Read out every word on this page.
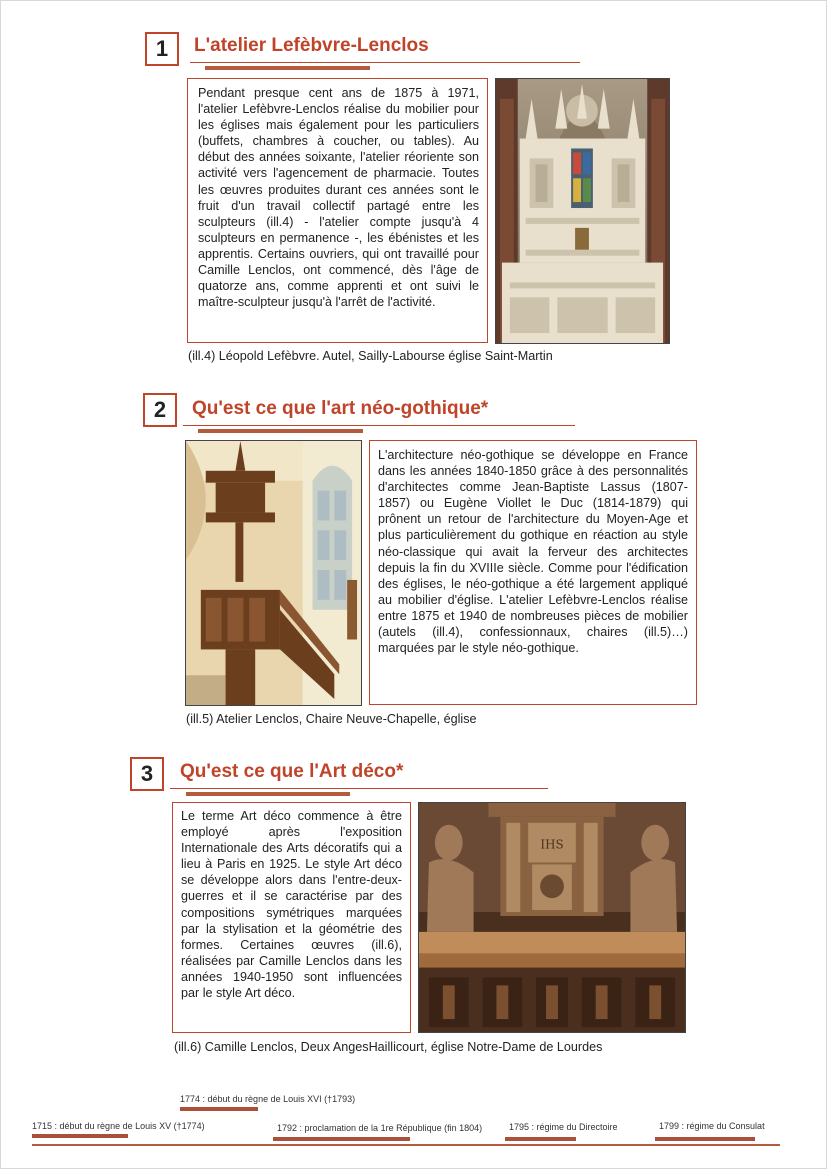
1	L'atelier Lefèbvre-Lenclos

Pendant presque cent ans de 1875 à 1971, l'atelier Lefèbvre-Lenclos réalise du mobilier pour les églises mais également pour les particuliers (buffets, chambres à coucher, ou tables). Au début des années soixante, l'atelier réoriente son activité vers l'agencement de pharmacie. Toutes les œuvres produites durant ces années sont le fruit d'un travail collectif partagé entre les sculpteurs (ill.4) - l'atelier compte jusqu'à 4 sculpteurs en permanence -, les ébénistes et les apprentis. Certains ouvriers, qui ont travaillé pour Camille Lenclos, ont commencé, dès l'âge de quatorze ans, comme apprenti et ont suivi le maître-sculpteur jusqu'à l'arrêt de l'activité.

(ill.4) Léopold Lefèbvre. Autel, Sailly-Labourse église Saint-Martin
2	Qu'est ce que l'art néo-gothique*

L'architecture néo-gothique se développe en France dans les années 1840-1850 grâce à des personnalités d'architectes comme Jean-Baptiste Lassus (1807-1857) ou Eugène Viollet le Duc (1814-1879) qui prônent un retour de l'architecture du Moyen-Age et plus particulièrement du gothique en réaction au style néo-classique qui avait la ferveur des architectes depuis la fin du XVIIIe siècle. Comme pour l'édification des églises, le néo-gothique a été largement appliqué au mobilier d'église. L'atelier Lefèbvre-Lenclos réalise entre 1875 et 1940 de nombreuses pièces de mobilier (autels (ill.4), confessionnaux, chaires (ill.5)…) marquées par le style néo-gothique.

(ill.5) Atelier Lenclos, Chaire Neuve-Chapelle, église
3	Qu'est ce que l'Art déco*

Le terme Art déco commence à être employé après l'exposition Internationale des Arts décoratifs qui a lieu à Paris en 1925. Le style Art déco se développe alors dans l'entre-deux-guerres et il se caractérise par des compositions symétriques marquées par la stylisation et la géométrie des formes. Certaines œuvres (ill.6), réalisées par Camille Lenclos dans les années 1940-1950 sont influencées par le style Art déco.

IHS
(ill.6) Camille Lenclos, Deux AngesHaillicourt, église Notre-Dame de Lourdes
1774 : début du règne de Louis XVI (†1793)
1715 : début du règne de Louis XV (†1774)	1792 : proclamation de la 1re République (fin 1804)	1795 : régime du Directoire	1799 : régime du Consulat
